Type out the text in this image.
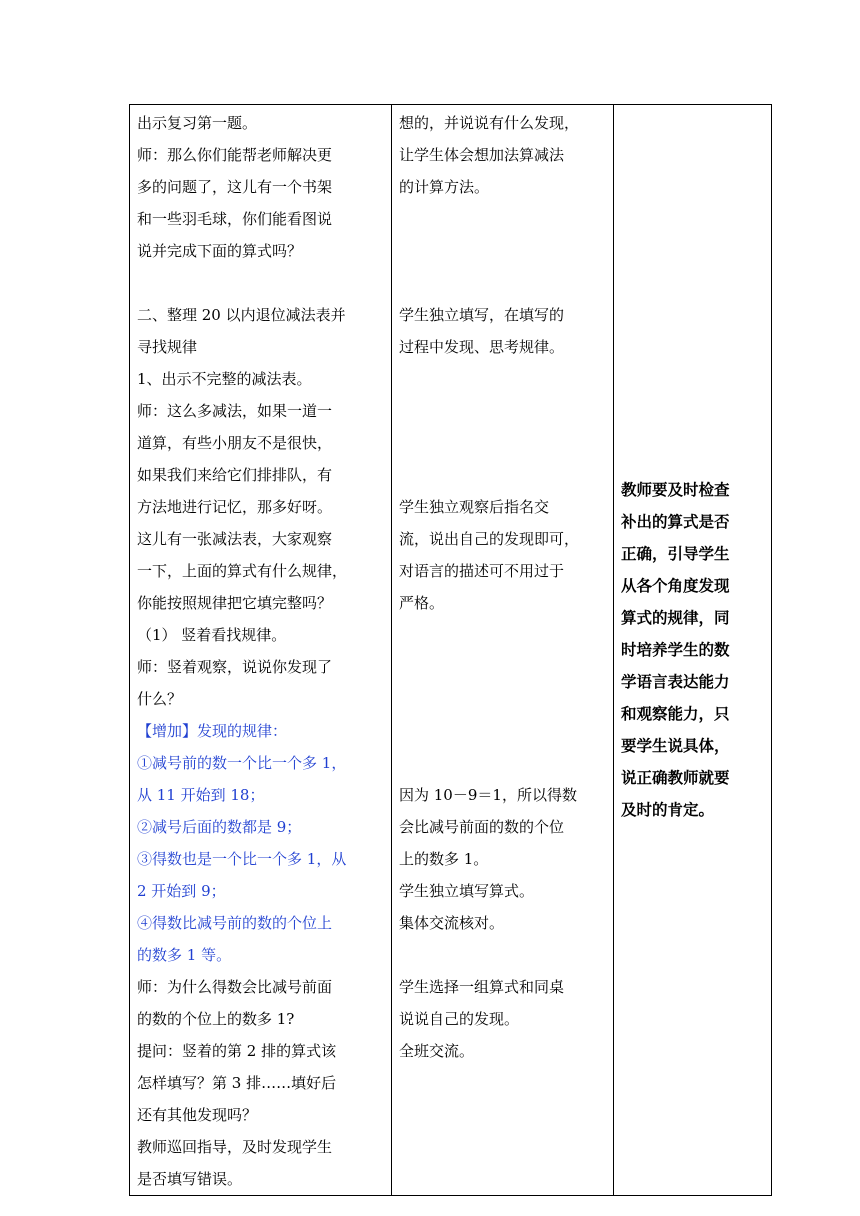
出示复习第一题。
师：那么你们能帮老师解决更
多的问题了，这儿有一个书架
和一些羽毛球，你们能看图说
说并完成下面的算式吗？
二、整理 20 以内退位减法表并
寻找规律
1、出示不完整的减法表。
师：这么多减法，如果一道一
道算，有些小朋友不是很快，
如果我们来给它们排排队，有
方法地进行记忆，那多好呀。
这儿有一张减法表，大家观察
一下，上面的算式有什么规律，
你能按照规律把它填完整吗？
（1） 竖着看找规律。
师：竖着观察，说说你发现了
什么？
【增加】发现的规律：
①减号前的数一个比一个多 1，
从 11 开始到 18；
②减号后面的数都是 9；
③得数也是一个比一个多 1，从
2 开始到 9；
④得数比减号前的数的个位上
的数多 1 等。
师：为什么得数会比减号前面
的数的个位上的数多 1?
提问：竖着的第 2 排的算式该
怎样填写？第 3 排……填好后
还有其他发现吗？
教师巡回指导，及时发现学生
是否填写错误。

想的，并说说有什么发现，
让学生体会想加法算减法
的计算方法。
学生独立填写，在填写的
过程中发现、思考规律。
学生独立观察后指名交
流，说出自己的发现即可，
对语言的描述可不用过于
严格。
因为 10－9＝1，所以得数
会比减号前面的数的个位
上的数多 1。
学生独立填写算式。
集体交流核对。
学生选择一组算式和同桌
说说自己的发现。
全班交流。

教师要及时检查
补出的算式是否
正确，引导学生
从各个角度发现
算式的规律，同
时培养学生的数
学语言表达能力
和观察能力，只
要学生说具体，
说正确教师就要
及时的肯定。
